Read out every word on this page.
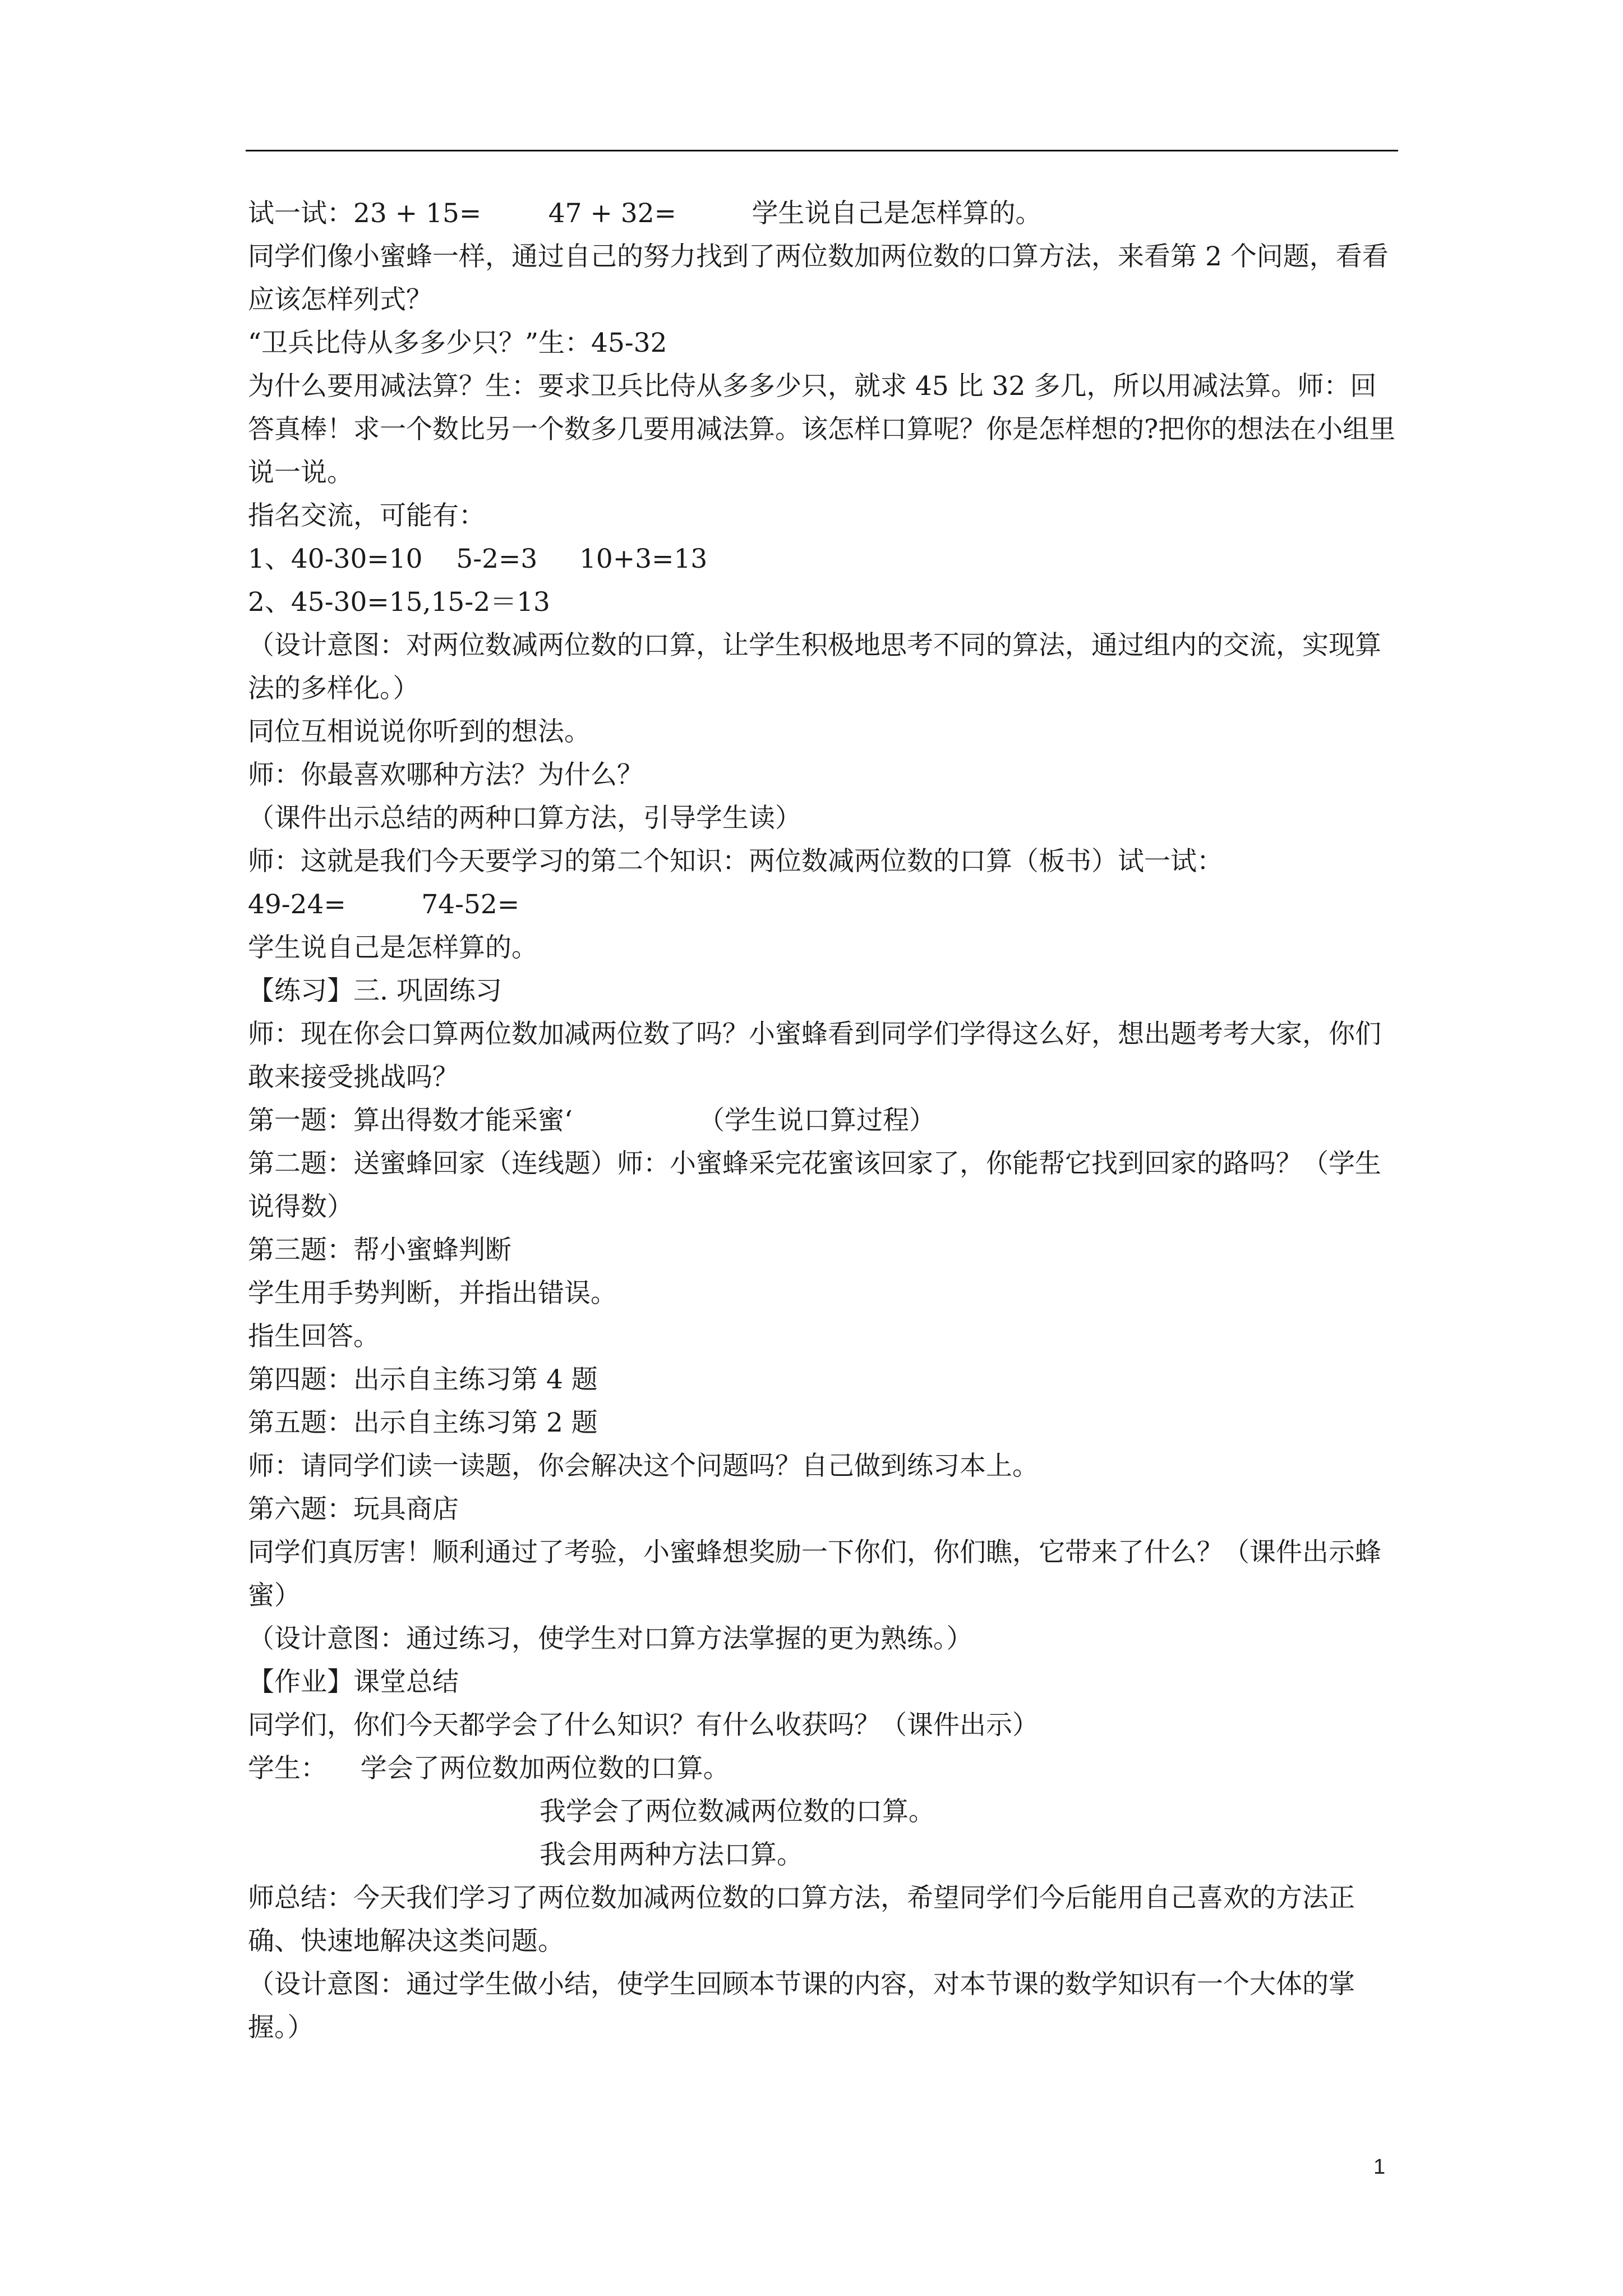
试一试：23 + 15=        47 + 32=         学生说自己是怎样算的。
同学们像小蜜蜂一样，通过自己的努力找到了两位数加两位数的口算方法，来看第 2 个问题，看看应该怎样列式？
“卫兵比侍从多多少只？”生：45-32
为什么要用减法算？生：要求卫兵比侍从多多少只，就求 45 比 32 多几，所以用减法算。师：回答真棒！求一个数比另一个数多几要用减法算。该怎样口算呢？你是怎样想的?把你的想法在小组里说一说。
指名交流，可能有：
1、40-30=10    5-2=3     10+3=13
2、45-30=15,15-2＝13
（设计意图：对两位数减两位数的口算，让学生积极地思考不同的算法，通过组内的交流，实现算法的多样化。）
同位互相说说你听到的想法。
师：你最喜欢哪种方法？为什么？
（课件出示总结的两种口算方法，引导学生读）
师：这就是我们今天要学习的第二个知识：两位数减两位数的口算（板书）试一试：
49-24=         74-52=
学生说自己是怎样算的。
【练习】三. 巩固练习
师：现在你会口算两位数加减两位数了吗？小蜜蜂看到同学们学得这么好，想出题考考大家，你们敢来接受挑战吗？
第一题：算出得数才能采蜜‘               （学生说口算过程）
第二题：送蜜蜂回家（连线题）师：小蜜蜂采完花蜜该回家了，你能帮它找到回家的路吗？（学生说得数）
第三题：帮小蜜蜂判断
学生用手势判断，并指出错误。
指生回答。
第四题：出示自主练习第 4 题
第五题：出示自主练习第 2 题
师：请同学们读一读题，你会解决这个问题吗？自己做到练习本上。
第六题：玩具商店
同学们真厉害！顺利通过了考验，小蜜蜂想奖励一下你们，你们瞧，它带来了什么？（课件出示蜂蜜）
（设计意图：通过练习，使学生对口算方法掌握的更为熟练。）
【作业】课堂总结
同学们，你们今天都学会了什么知识？有什么收获吗？（课件出示）
学生：    学会了两位数加两位数的口算。
我学会了两位数减两位数的口算。
我会用两种方法口算。
师总结：今天我们学习了两位数加减两位数的口算方法，希望同学们今后能用自己喜欢的方法正确、快速地解决这类问题。
（设计意图：通过学生做小结，使学生回顾本节课的内容，对本节课的数学知识有一个大体的掌握。）
1
